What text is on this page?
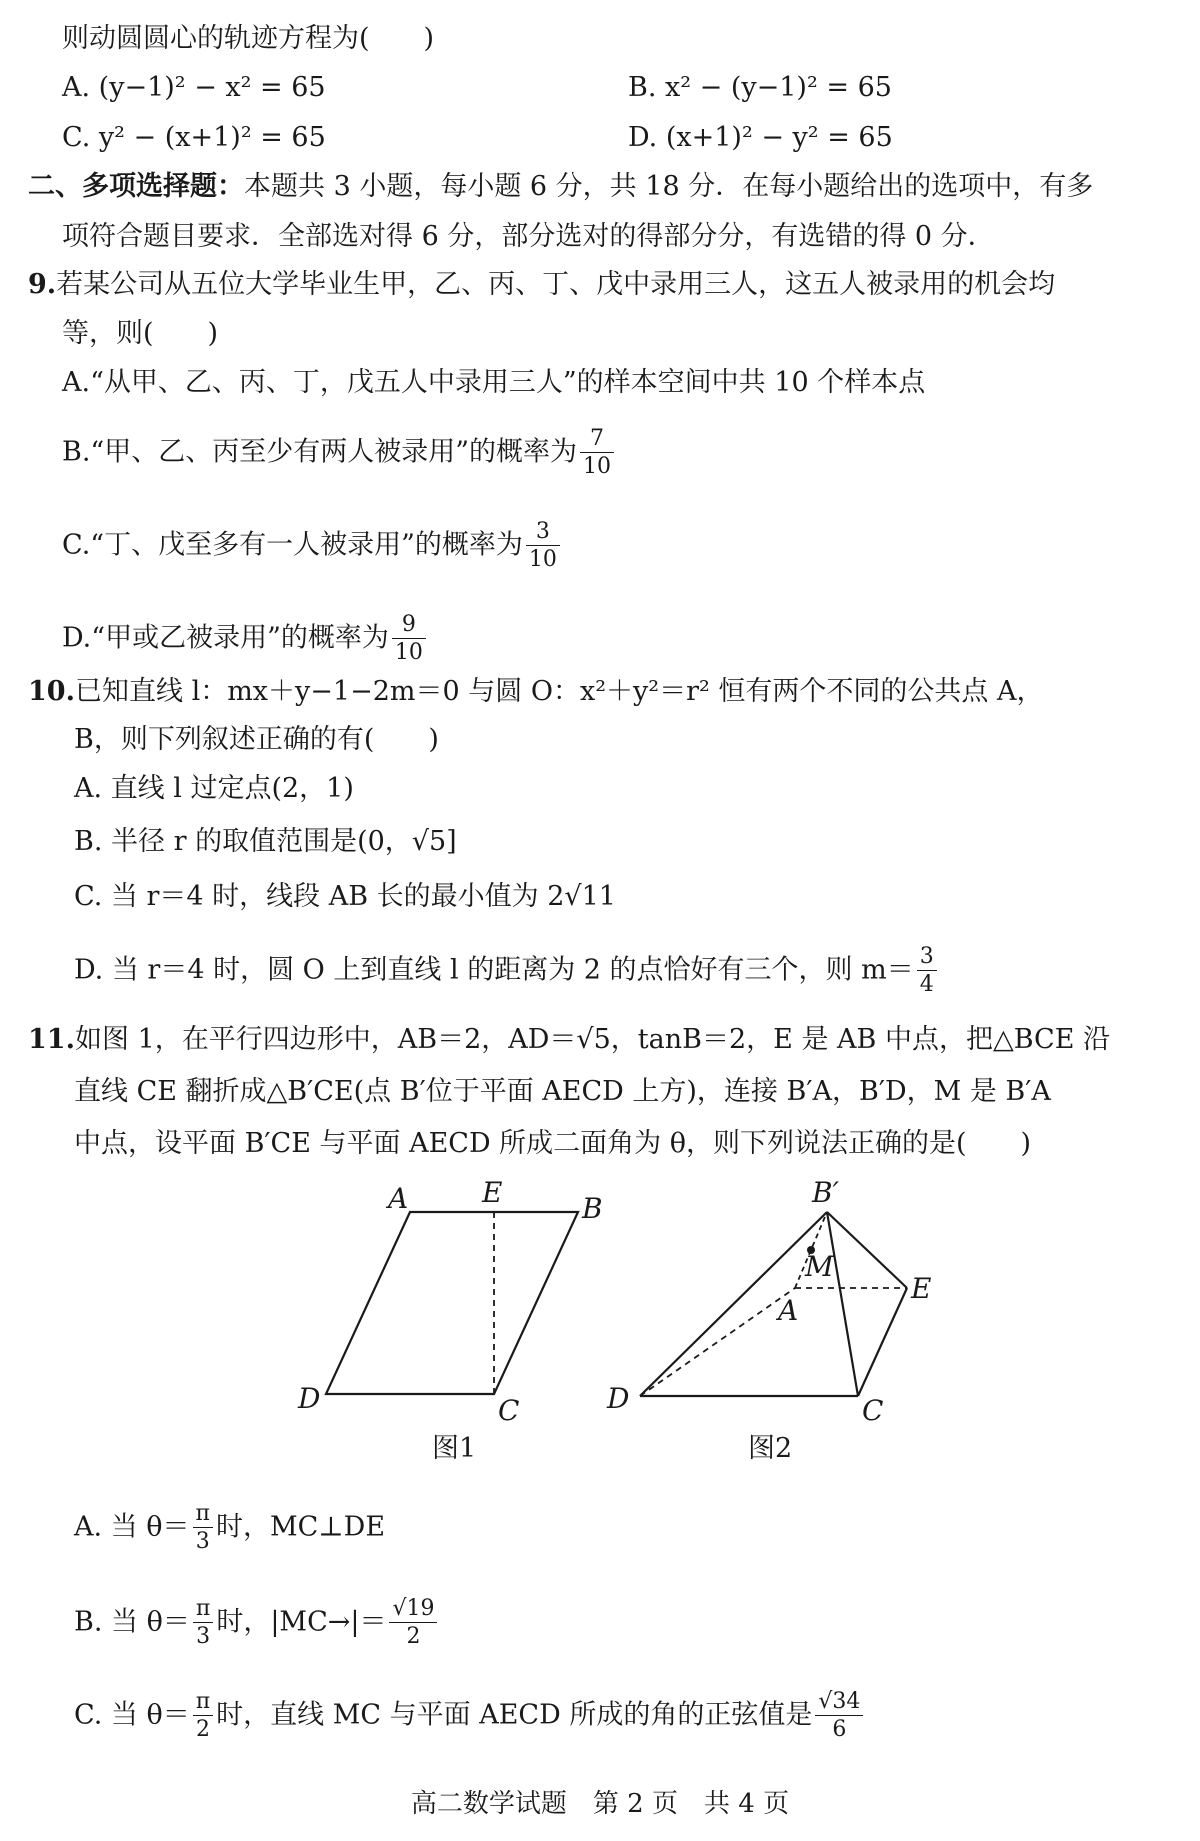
则动圆圆心的轨迹方程为(　　)
A. (y−1)² − x² = 65	B. x² − (y−1)² = 65
C. y² − (x+1)² = 65	D. (x+1)² − y² = 65
二、多项选择题：本题共 3 小题，每小题 6 分，共 18 分．在每小题给出的选项中，有多
项符合题目要求．全部选对得 6 分，部分选对的得部分分，有选错的得 0 分．
9.若某公司从五位大学毕业生甲，乙、丙、丁、戊中录用三人，这五人被录用的机会均
等，则(　　)
A.“从甲、乙、丙、丁，戊五人中录用三人”的样本空间中共 10 个样本点
B.“甲、乙、丙至少有两人被录用”的概率为 $\frac{7}{10}$
C.“丁、戊至多有一人被录用”的概率为 $\frac{3}{10}$
D.“甲或乙被录用”的概率为 $\frac{9}{10}$
10.已知直线 l：mx＋y−1−2m＝0 与圆 O：x²＋y²＝r² 恒有两个不同的公共点 A，
B，则下列叙述正确的有(　　)
A. 直线 l 过定点(2，1)
B. 半径 r 的取值范围是(0，√5]
C. 当 r＝4 时，线段 AB 长的最小值为 2√11
D. 当 r＝4 时，圆 O 上到直线 l 的距离为 2 的点恰好有三个，则 $m= \frac{3}{4}$
11.如图 1，在平行四边形中，AB＝2，AD＝√5，tanB＝2，E 是 AB 中点，把△BCE 沿
直线 CE 翻折成△B′CE(点 B′位于平面 AECD 上方)，连接 B′A，B′D，M 是 B′A
中点，设平面 B′CE 与平面 AECD 所成二面角为 θ，则下列说法正确的是(　　)
A	E	B
D	C
图1
B′
M
A
E
D	C
图2
A. 当 $\theta= \frac{\pi}{3}$ 时，MC⊥DE
B. 当 $\theta= \frac{\pi}{3}$ 时，$|MC\to|= \frac{√19}{2}$
C. 当 $\theta= \frac{\pi}{2}$ 时，直线 MC 与平面 AECD 所成的角的正弦值是 $\frac{√34}{6}$
高二数学试题　第 2 页　共 4 页
